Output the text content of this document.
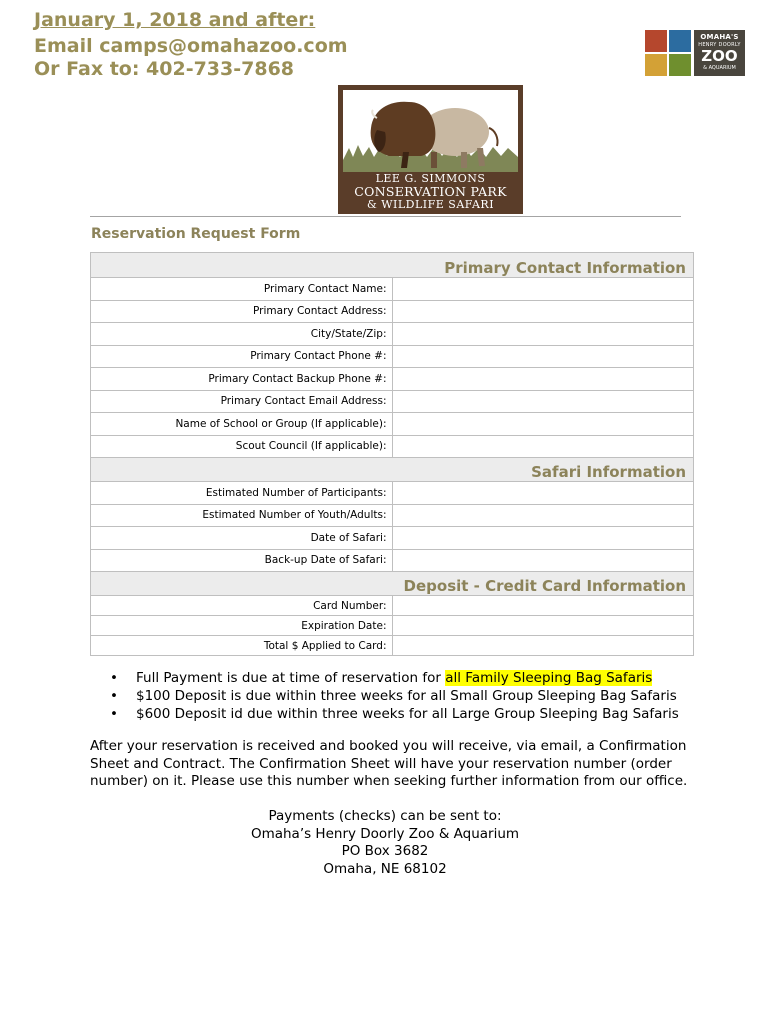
January 1, 2018 and after:
Email camps@omahazoo.com
Or Fax to: 402-733-7868
OMAHA'S
HENRY DOORLY
ZOO
& AQUARIUM
LEE G. SIMMONS
CONSERVATION PARK
& WILDLIFE SAFARI
Reservation Request Form
Primary Contact Information	
Primary Contact Name:	
Primary Contact Address:	
City/State/Zip:	
Primary Contact Phone #:	
Primary Contact Backup Phone #:	
Primary Contact Email Address:	
Name of School or Group (If applicable):	
Scout Council (If applicable):	
Safari Information	
Estimated Number of Participants:	
Estimated Number of Youth/Adults:	
Date of Safari:	
Back-up Date of Safari:	
Deposit - Credit Card Information	
Card Number:	
Expiration Date:	
Total $ Applied to Card:	
• Full Payment is due at time of reservation for all Family Sleeping Bag Safaris
• $100 Deposit is due within three weeks for all Small Group Sleeping Bag Safaris
• $600 Deposit id due within three weeks for all Large Group Sleeping Bag Safaris
After your reservation is received and booked you will receive, via email, a Confirmation Sheet and Contract. The Confirmation Sheet will have your reservation number (order number) on it. Please use this number when seeking further information from our office.
Payments (checks) can be sent to:
Omaha’s Henry Doorly Zoo & Aquarium
PO Box 3682
Omaha, NE 68102
